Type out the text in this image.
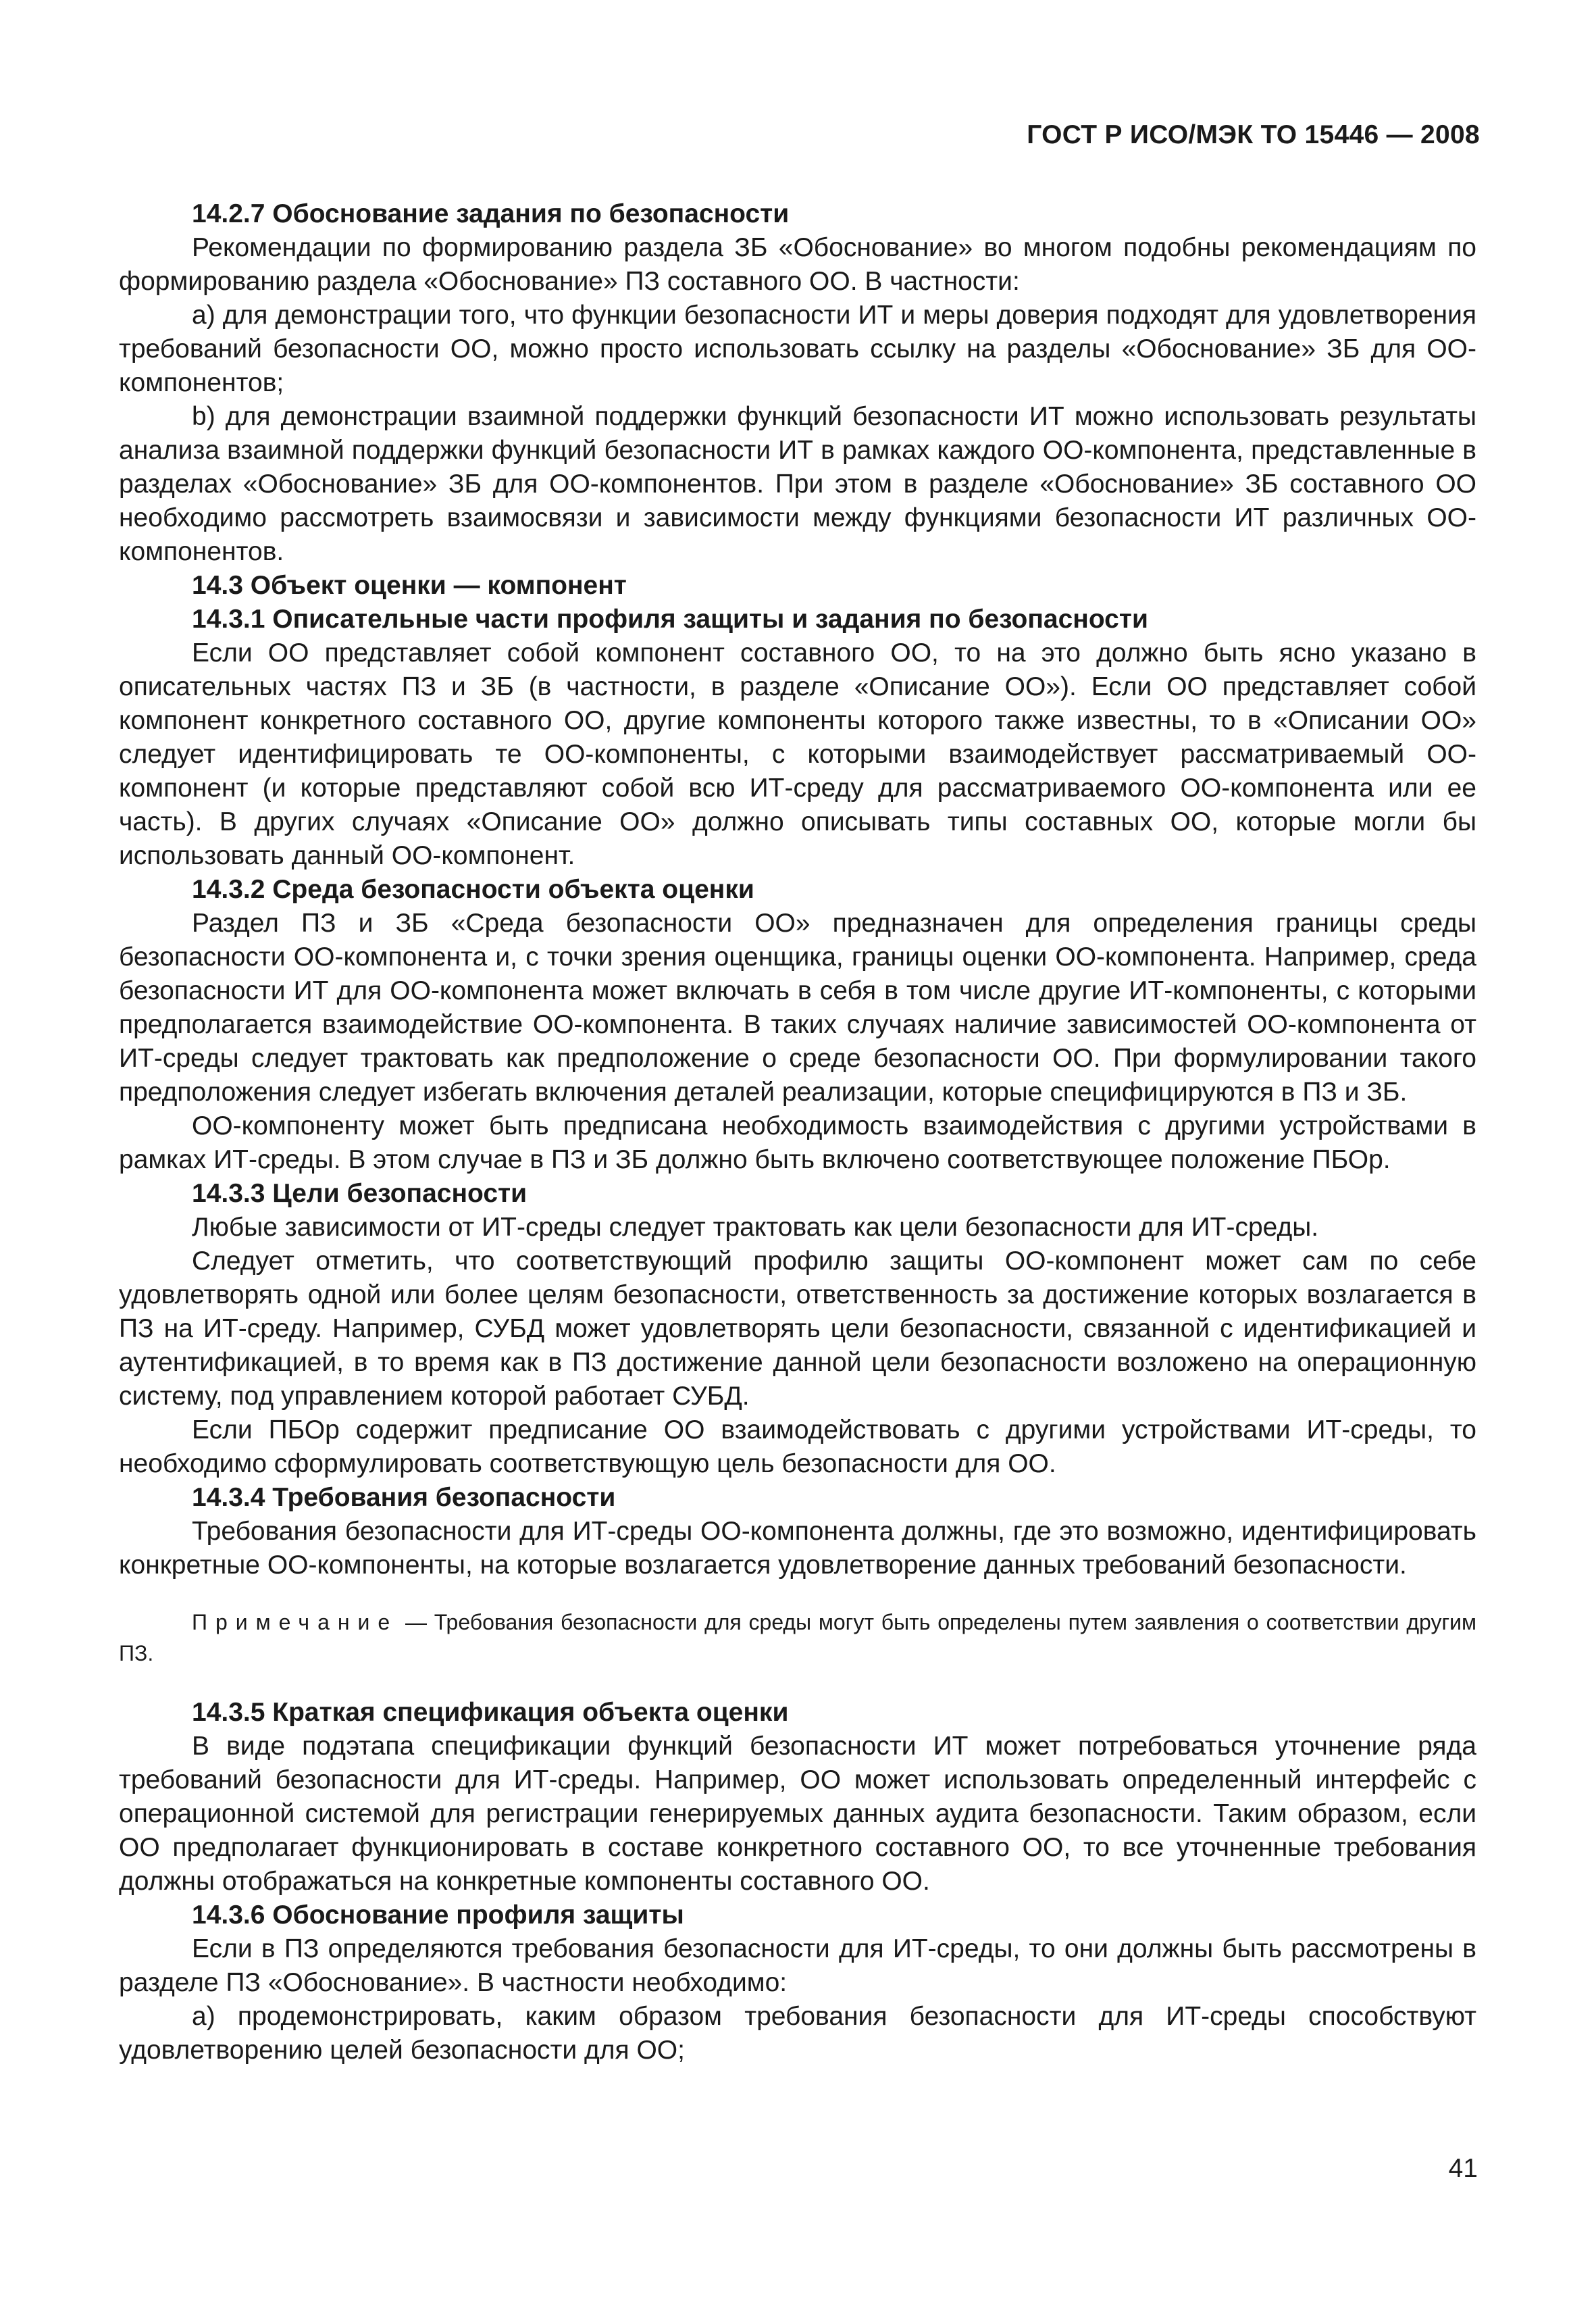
ГОСТ Р ИСО/МЭК ТО 15446 — 2008
14.2.7 Обоснование задания по безопасности

Рекомендации по формированию раздела ЗБ «Обоснование» во многом подобны рекомендациям по формированию раздела «Обоснование» ПЗ составного ОО. В частности:

а) для демонстрации того, что функции безопасности ИТ и меры доверия подходят для удовлетворения требований безопасности ОО, можно просто использовать ссылку на разделы «Обоснование» ЗБ для ОО-компонентов;

b) для демонстрации взаимной поддержки функций безопасности ИТ можно использовать результаты анализа взаимной поддержки функций безопасности ИТ в рамках каждого ОО-компонента, представленные в разделах «Обоснование» ЗБ для ОО-компонентов. При этом в разделе «Обоснование» ЗБ составного ОО необходимо рассмотреть взаимосвязи и зависимости между функциями безопасности ИТ различных ОО-компонентов.

14.3 Объект оценки — компонент
14.3.1 Описательные части профиля защиты и задания по безопасности

Если ОО представляет собой компонент составного ОО, то на это должно быть ясно указано в описательных частях ПЗ и ЗБ (в частности, в разделе «Описание ОО»). Если ОО представляет собой компонент конкретного составного ОО, другие компоненты которого также известны, то в «Описании ОО» следует идентифицировать те ОО-компоненты, с которыми взаимодействует рассматриваемый ОО-компонент (и которые представляют собой всю ИТ-среду для рассматриваемого ОО-компонента или ее часть). В других случаях «Описание ОО» должно описывать типы составных ОО, которые могли бы использовать данный ОО-компонент.

14.3.2 Среда безопасности объекта оценки

Раздел ПЗ и ЗБ «Среда безопасности ОО» предназначен для определения границы среды безопасности ОО-компонента и, с точки зрения оценщика, границы оценки ОО-компонента. Например, среда безопасности ИТ для ОО-компонента может включать в себя в том числе другие ИТ-компоненты, с которыми предполагается взаимодействие ОО-компонента. В таких случаях наличие зависимостей ОО-компонента от ИТ-среды следует трактовать как предположение о среде безопасности ОО. При формулировании такого предположения следует избегать включения деталей реализации, которые специфицируются в ПЗ и ЗБ.

ОО-компоненту может быть предписана необходимость взаимодействия с другими устройствами в рамках ИТ-среды. В этом случае в ПЗ и ЗБ должно быть включено соответствующее положение ПБОр.

14.3.3 Цели безопасности

Любые зависимости от ИТ-среды следует трактовать как цели безопасности для ИТ-среды.

Следует отметить, что соответствующий профилю защиты ОО-компонент может сам по себе удовлетворять одной или более целям безопасности, ответственность за достижение которых возлагается в ПЗ на ИТ-среду. Например, СУБД может удовлетворять цели безопасности, связанной с идентификацией и аутентификацией, в то время как в ПЗ достижение данной цели безопасности возложено на операционную систему, под управлением которой работает СУБД.

Если ПБОр содержит предписание ОО взаимодействовать с другими устройствами ИТ-среды, то необходимо сформулировать соответствующую цель безопасности для ОО.

14.3.4 Требования безопасности

Требования безопасности для ИТ-среды ОО-компонента должны, где это возможно, идентифицировать конкретные ОО-компоненты, на которые возлагается удовлетворение данных требований безопасности.

Примечание — Требования безопасности для среды могут быть определены путем заявления о соответствии другим ПЗ.

14.3.5 Краткая спецификация объекта оценки

В виде подэтапа спецификации функций безопасности ИТ может потребоваться уточнение ряда требований безопасности для ИТ-среды. Например, ОО может использовать определенный интерфейс с операционной системой для регистрации генерируемых данных аудита безопасности. Таким образом, если ОО предполагает функционировать в составе конкретного составного ОО, то все уточненные требования должны отображаться на конкретные компоненты составного ОО.

14.3.6 Обоснование профиля защиты

Если в ПЗ определяются требования безопасности для ИТ-среды, то они должны быть рассмотрены в разделе ПЗ «Обоснование». В частности необходимо:

а) продемонстрировать, каким образом требования безопасности для ИТ-среды способствуют удовлетворению целей безопасности для ОО;

41
